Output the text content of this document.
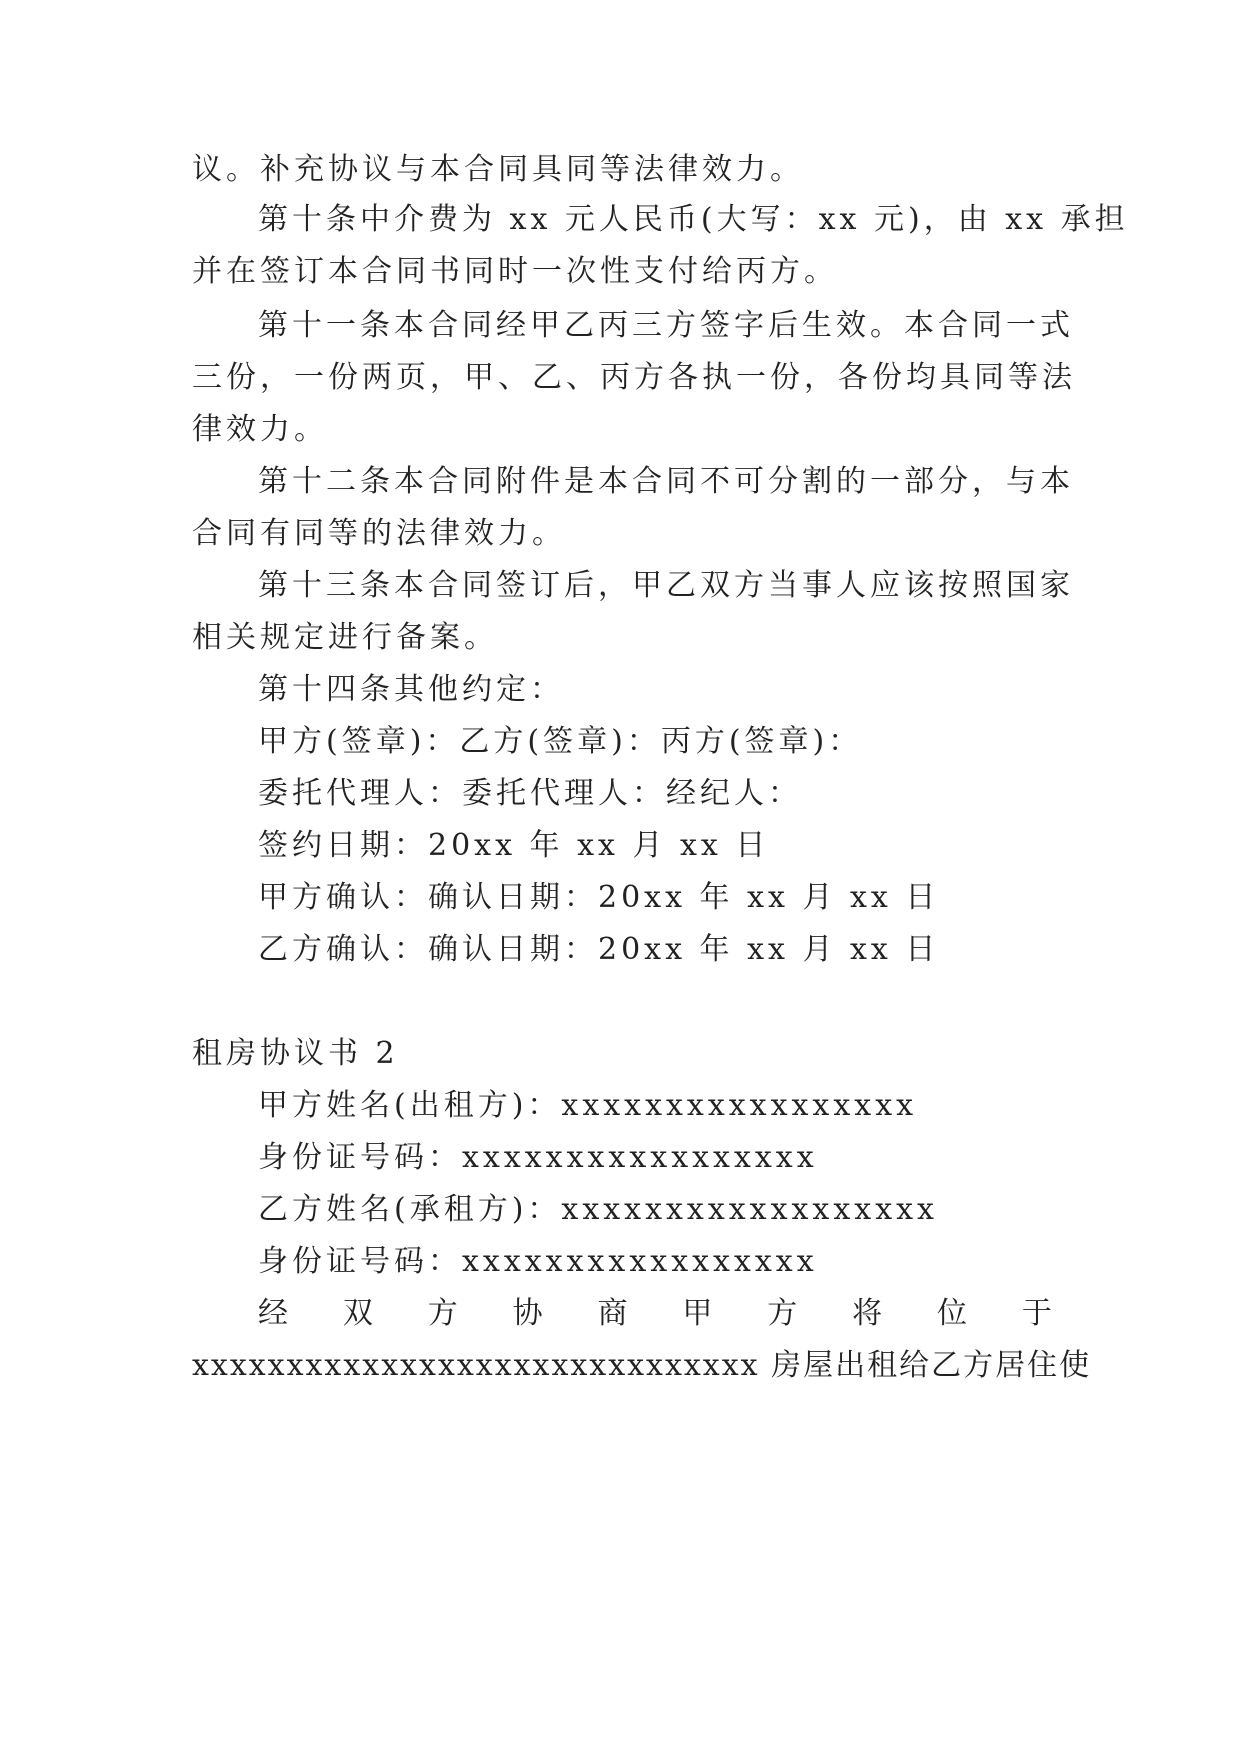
议。补充协议与本合同具同等法律效力。
第十条中介费为 xx 元人民币(大写：xx 元)，由 xx 承担
并在签订本合同书同时一次性支付给丙方。
第十一条本合同经甲乙丙三方签字后生效。本合同一式
三份，一份两页，甲、乙、丙方各执一份，各份均具同等法
律效力。
第十二条本合同附件是本合同不可分割的一部分，与本
合同有同等的法律效力。
第十三条本合同签订后，甲乙双方当事人应该按照国家
相关规定进行备案。
第十四条其他约定：
甲方(签章)：乙方(签章)：丙方(签章)：
委托代理人：委托代理人：经纪人：
签约日期：20xx 年 xx 月 xx 日
甲方确认：确认日期：20xx 年 xx 月 xx 日
乙方确认：确认日期：20xx 年 xx 月 xx 日
租房协议书 2
甲方姓名(出租方)：xxxxxxxxxxxxxxxxx
身份证号码：xxxxxxxxxxxxxxxxx
乙方姓名(承租方)：xxxxxxxxxxxxxxxxxx
身份证号码：xxxxxxxxxxxxxxxxx
经 双 方 协 商 甲 方 将 位 于
xxxxxxxxxxxxxxxxxxxxxxxxxxxxxx 房屋出租给乙方居住使
